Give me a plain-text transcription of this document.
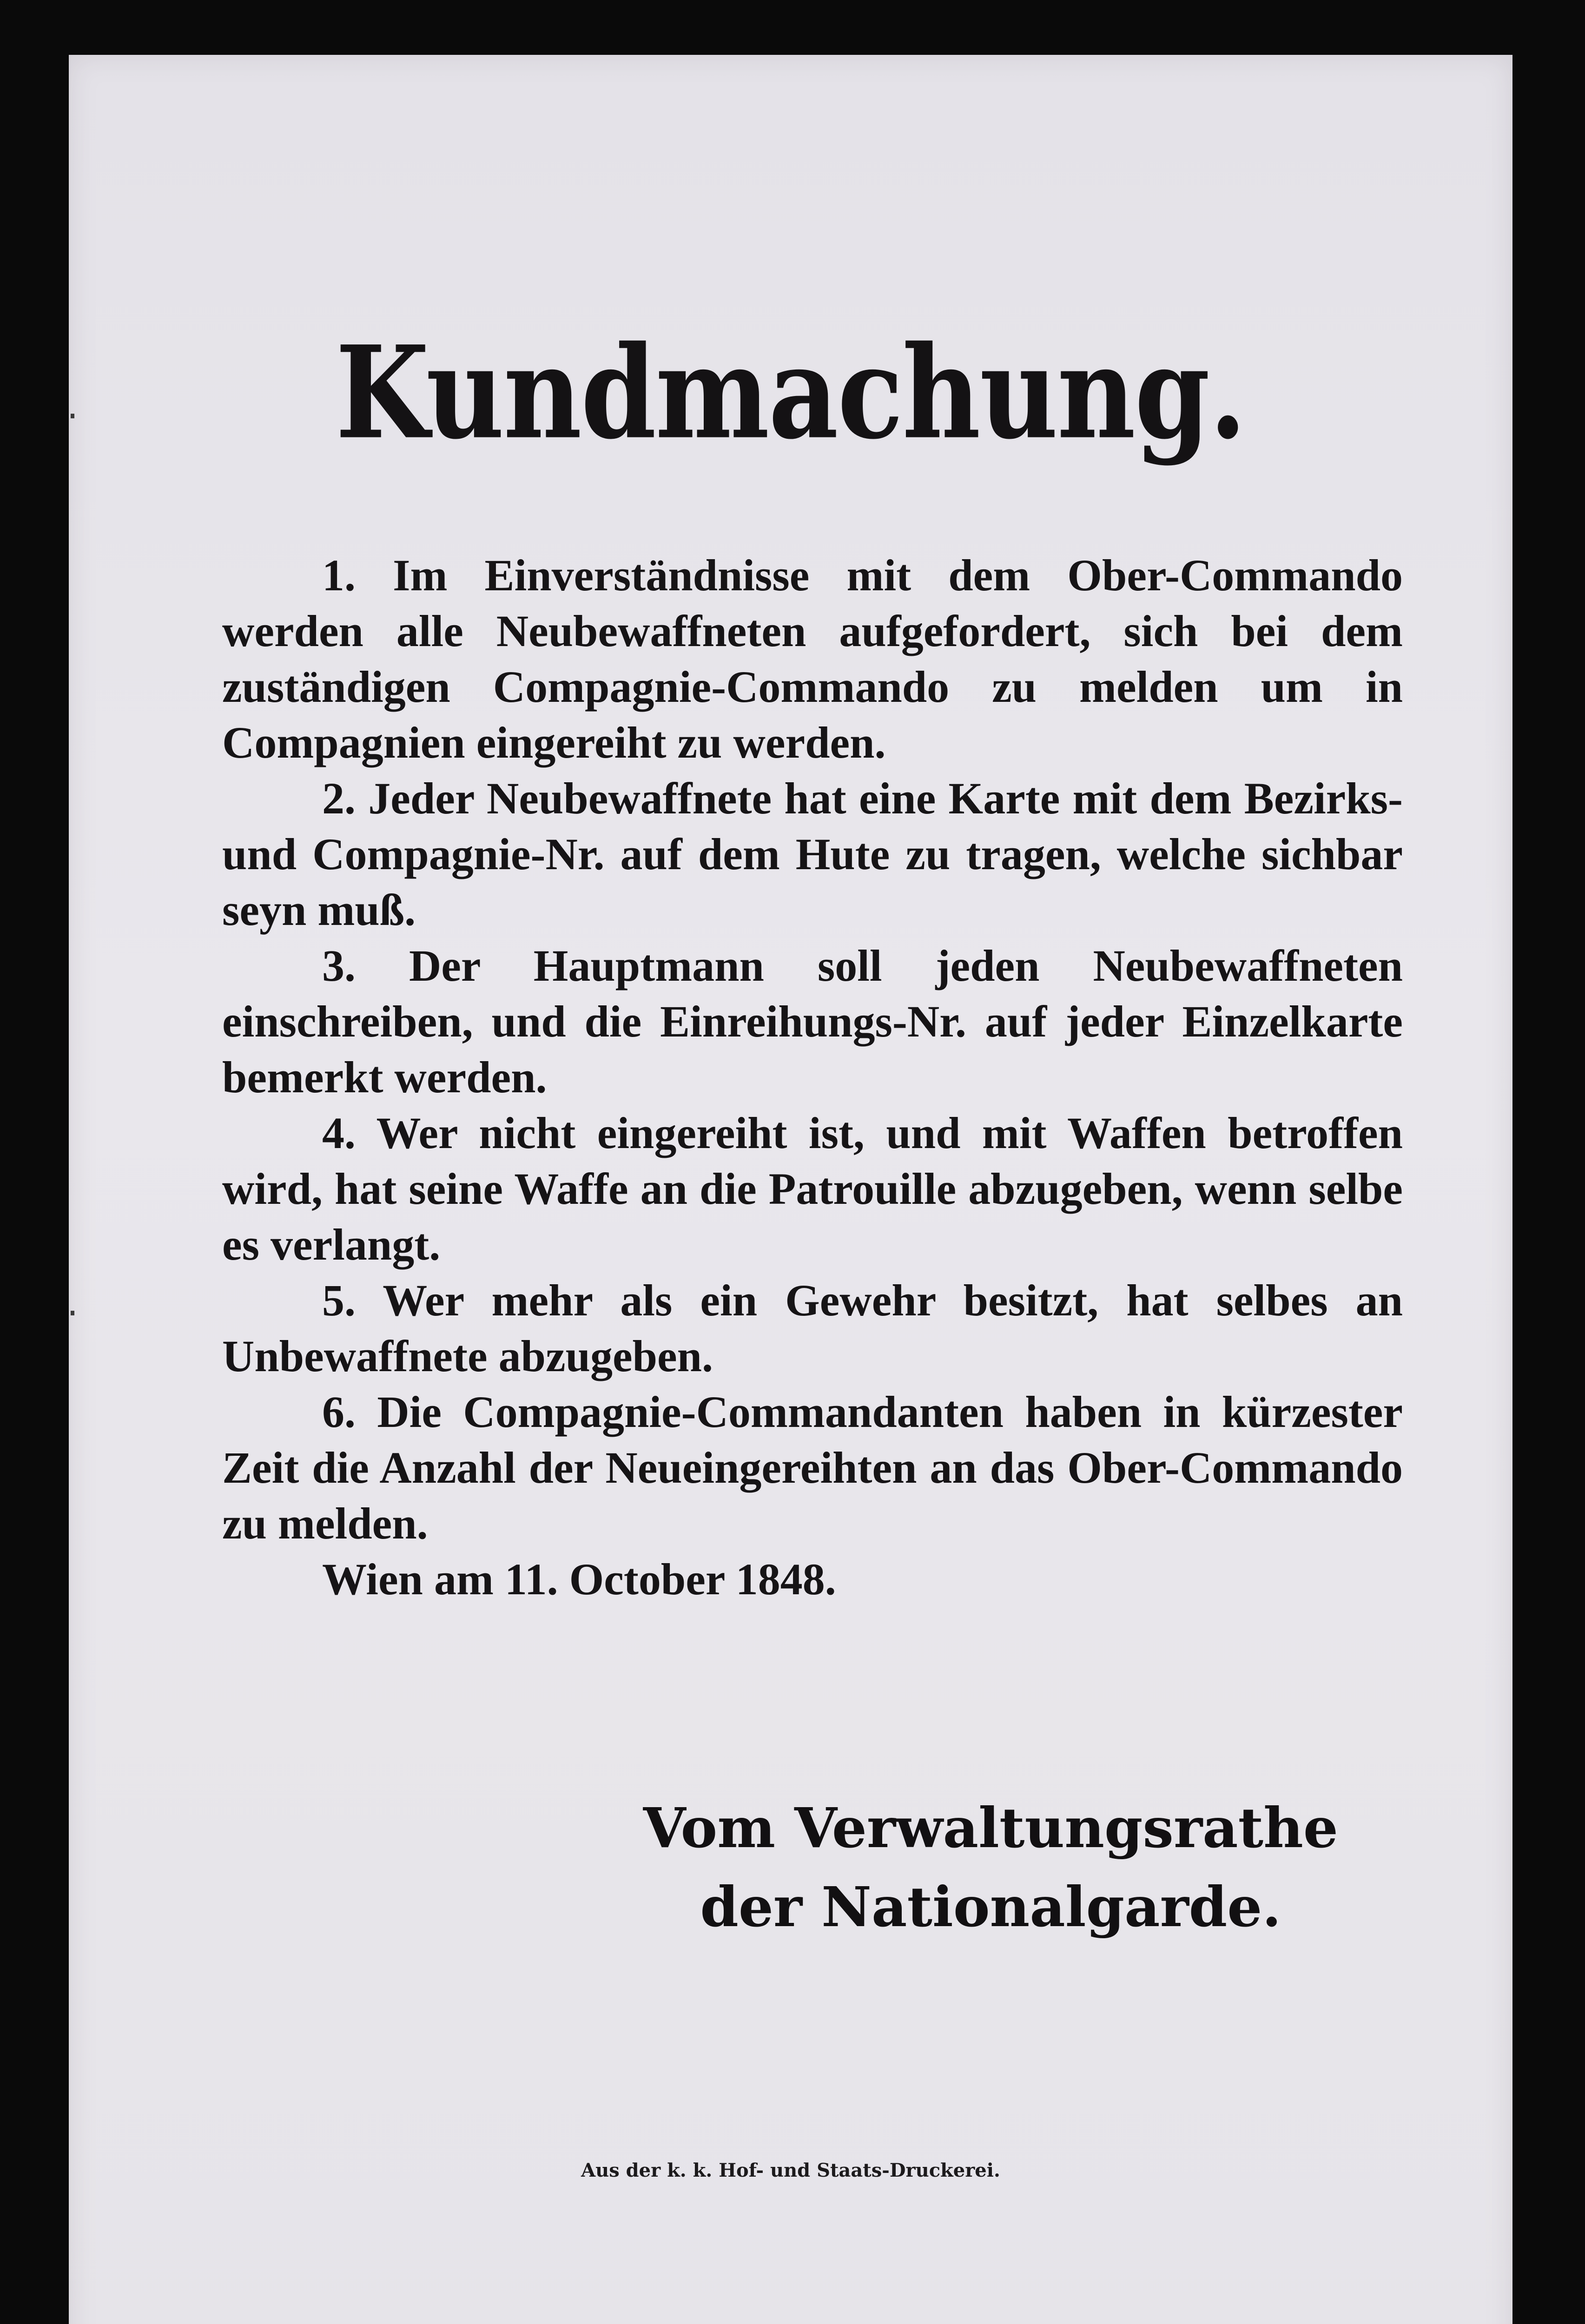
Kundmachung.

1. Im Einverständnisse mit dem Ober-Commando werden alle Neubewaffneten aufgefordert, sich bei dem zuständigen Compagnie-Commando zu melden um in Compagnien eingereiht zu werden.

2. Jeder Neubewaffnete hat eine Karte mit dem Bezirks- und Compagnie-Nr. auf dem Hute zu tragen, welche sichbar seyn muß.

3. Der Hauptmann soll jeden Neubewaffneten einschreiben, und die Einreihungs-Nr. auf jeder Einzelkarte bemerkt werden.

4. Wer nicht eingereiht ist, und mit Waffen betroffen wird, hat seine Waffe an die Patrouille abzugeben, wenn selbe es verlangt.

5. Wer mehr als ein Gewehr besitzt, hat selbes an Unbewaffnete abzugeben.

6. Die Compagnie-Commandanten haben in kürzester Zeit die Anzahl der Neueingereihten an das Ober-Commando zu melden.

Wien am 11. October 1848.

Vom Verwaltungsrathe
der Nationalgarde.
Aus der k. k. Hof- und Staats-Druckerei.
